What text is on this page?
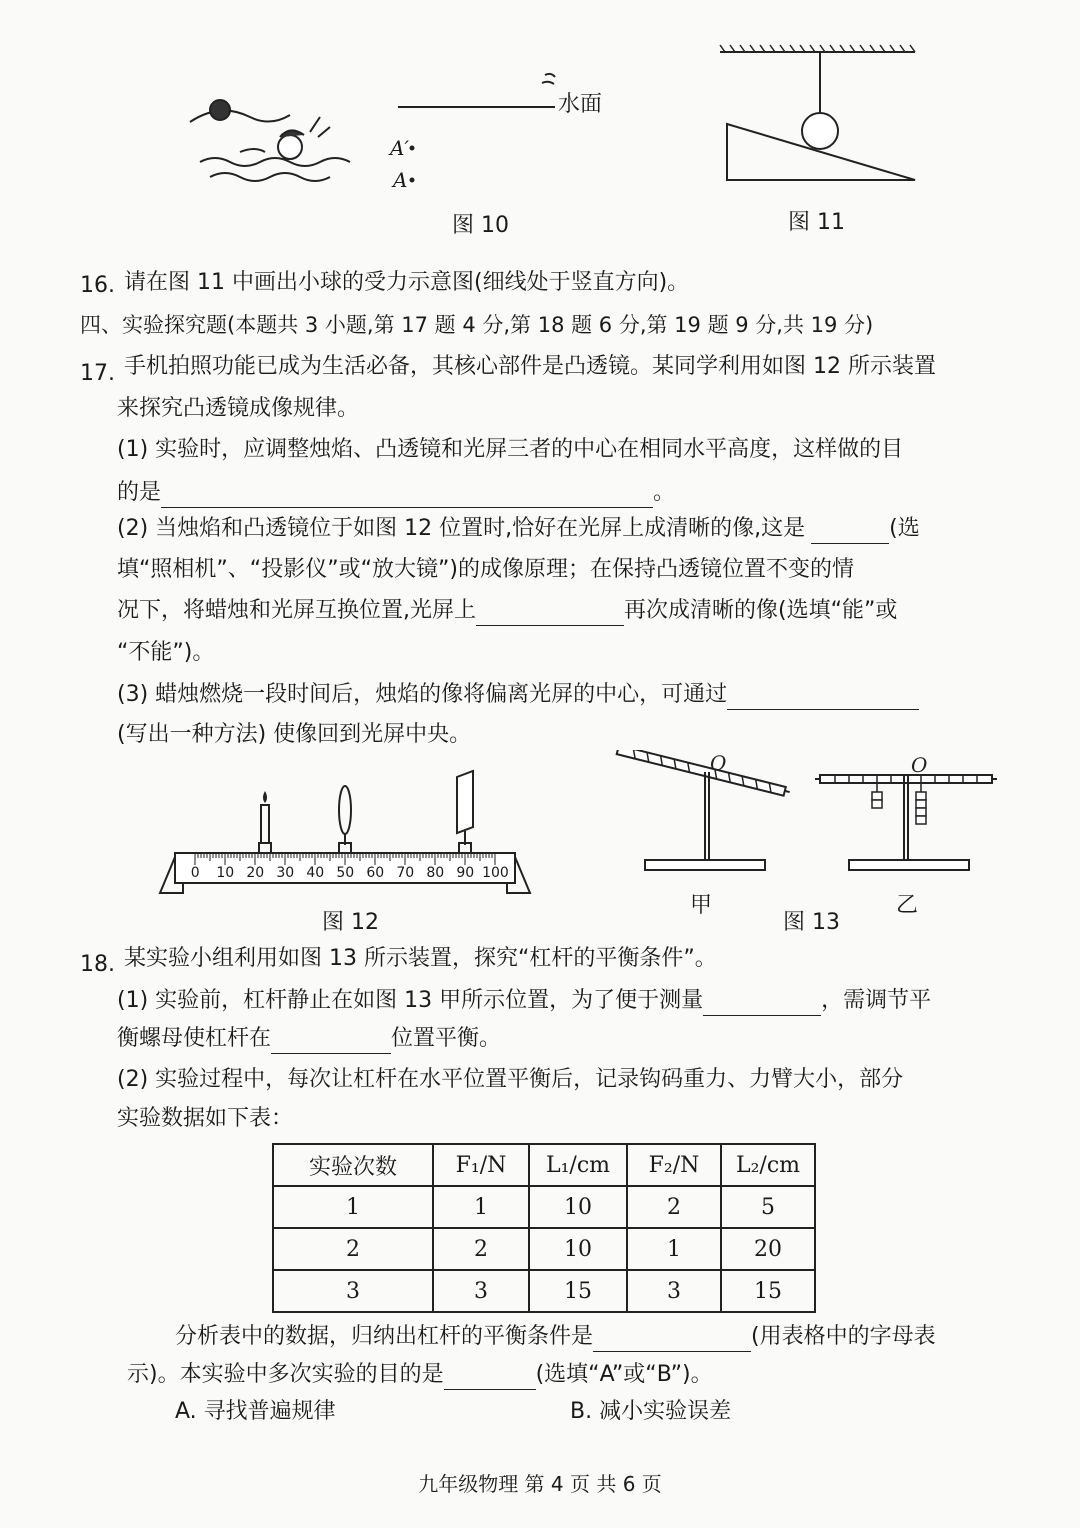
水面
A′
A
图 10	图 11
16. 请在图 11 中画出小球的受力示意图(细线处于竖直方向)。
四、实验探究题(本题共 3 小题,第 17 题 4 分,第 18 题 6 分,第 19 题 9 分,共 19 分)
17. 手机拍照功能已成为生活必备，其核心部件是凸透镜。某同学利用如图 12 所示装置
来探究凸透镜成像规律。
(1) 实验时，应调整烛焰、凸透镜和光屏三者的中心在相同水平高度，这样做的目
的是	。
(2) 当烛焰和凸透镜位于如图 12 位置时,恰好在光屏上成清晰的像,这是	(选
填“照相机”、“投影仪”或“放大镜”)的成像原理；在保持凸透镜位置不变的情
况下，将蜡烛和光屏互换位置,光屏上	再次成清晰的像(选填“能”或
“不能”)。
(3) 蜡烛燃烧一段时间后，烛焰的像将偏离光屏的中心，可通过
(写出一种方法) 使像回到光屏中央。
0 10 20 30 40 50 60 70 80 90 100
图 12
O	O
甲
图 13
乙
18. 某实验小组利用如图 13 所示装置，探究“杠杆的平衡条件”。
(1) 实验前，杠杆静止在如图 13 甲所示位置，为了便于测量	，需调节平
衡螺母使杠杆在	位置平衡。
(2) 实验过程中，每次让杠杆在水平位置平衡后，记录钩码重力、力臂大小，部分
实验数据如下表：
实验次数	F₁/N	L₁/cm	F₂/N	L₂/cm
1	1	10	2	5
2	2	10	1	20
3	3	15	3	15
分析表中的数据，归纳出杠杆的平衡条件是	(用表格中的字母表
示)。本实验中多次实验的目的是	(选填“A”或“B”)。
A. 寻找普遍规律	B. 减小实验误差
九年级物理 第 4 页 共 6 页
